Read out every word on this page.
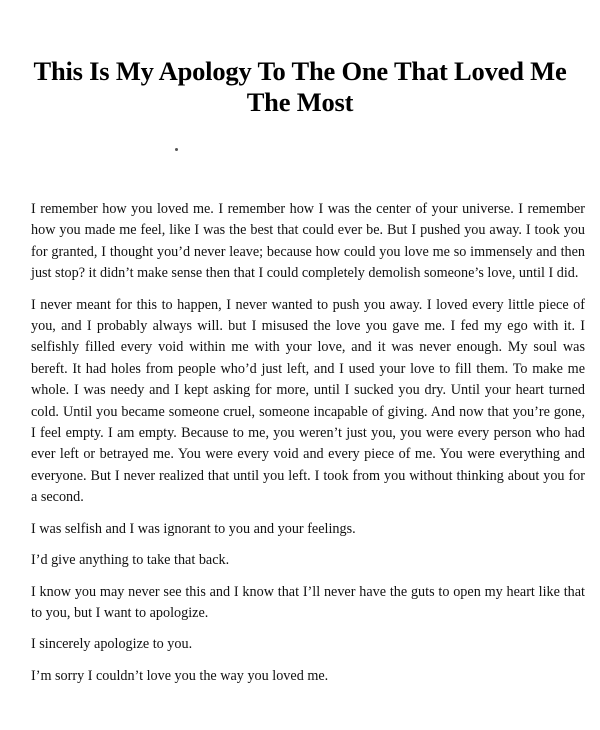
This Is My Apology To The One That Loved Me The Most

I remember how you loved me. I remember how I was the center of your universe. I remember how you made me feel, like I was the best that could ever be. But I pushed you away. I took you for granted, I thought you’d never leave; because how could you love me so immensely and then just stop? it didn’t make sense then that I could completely demolish someone’s love, until I did.

I never meant for this to happen, I never wanted to push you away. I loved every little piece of you, and I probably always will. but I misused the love you gave me. I fed my ego with it. I selfishly filled every void within me with your love, and it was never enough. My soul was bereft. It had holes from people who’d just left, and I used your love to fill them. To make me whole. I was needy and I kept asking for more, until I sucked you dry. Until your heart turned cold. Until you became someone cruel, someone incapable of giving. And now that you’re gone, I feel empty. I am empty. Because to me, you weren’t just you, you were every person who had ever left or betrayed me. You were every void and every piece of me. You were everything and everyone. But I never realized that until you left. I took from you without thinking about you for a second.

I was selfish and I was ignorant to you and your feelings.

I’d give anything to take that back.

I know you may never see this and I know that I’ll never have the guts to open my heart like that to you, but I want to apologize.

I sincerely apologize to you.

I’m sorry I couldn’t love you the way you loved me.
